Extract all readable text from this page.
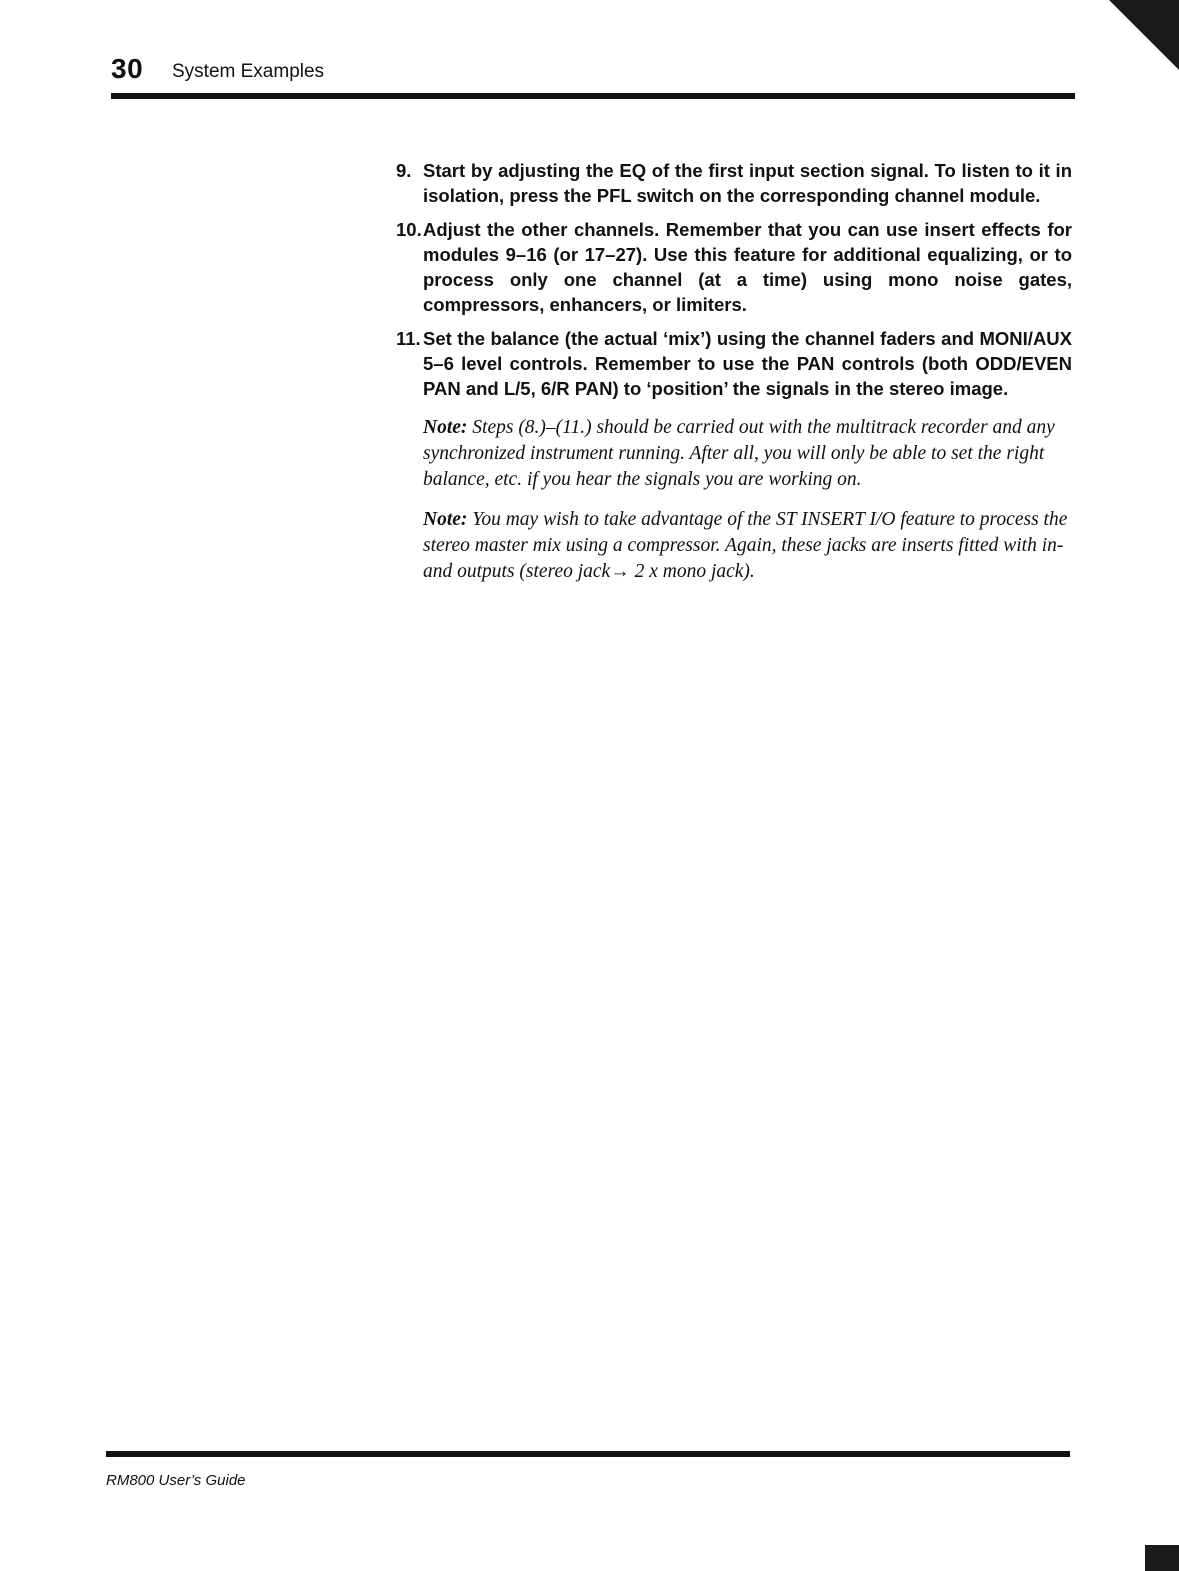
30 System Examples
9. Start by adjusting the EQ of the first input section signal. To listen to it in isolation, press the PFL switch on the corresponding channel module.
10. Adjust the other channels. Remember that you can use insert effects for modules 9–16 (or 17–27). Use this feature for additional equalizing, or to process only one channel (at a time) using mono noise gates, compressors, enhancers, or limiters.
11. Set the balance (the actual ‘mix’) using the channel faders and MONI/AUX 5–6 level controls. Remember to use the PAN controls (both ODD/EVEN PAN and L/5, 6/R PAN) to ‘position’ the signals in the stereo image.

Note: Steps (8.)–(11.) should be carried out with the multitrack recorder and any synchronized instrument running. After all, you will only be able to set the right balance, etc. if you hear the signals you are working on.

Note: You may wish to take advantage of the ST INSERT I/O feature to process the stereo master mix using a compressor. Again, these jacks are inserts fitted with in- and outputs (stereo jack→ 2 x mono jack).

RM800 User’s Guide
